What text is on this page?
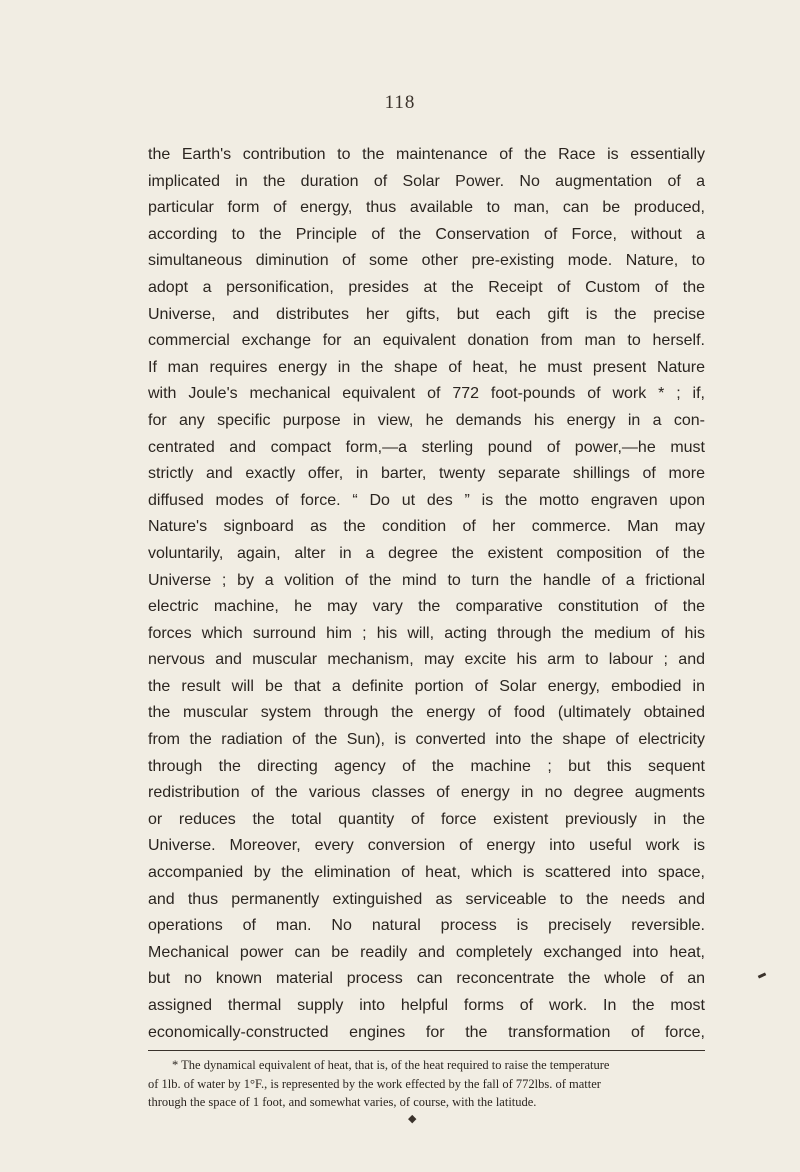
118
the Earth's contribution to the maintenance of the Race is essentially
implicated in the duration of Solar Power. No augmentation of a
particular form of energy, thus available to man, can be produced,
according to the Principle of the Conservation of Force, without a
simultaneous diminution of some other pre-existing mode. Nature, to
adopt a personification, presides at the Receipt of Custom of the
Universe, and distributes her gifts, but each gift is the precise
commercial exchange for an equivalent donation from man to herself.
If man requires energy in the shape of heat, he must present Nature
with Joule's mechanical equivalent of 772 foot-pounds of work * ; if,
for any specific purpose in view, he demands his energy in a con-
centrated and compact form,—a sterling pound of power,—he must
strictly and exactly offer, in barter, twenty separate shillings of more
diffused modes of force. “ Do ut des ” is the motto engraven upon
Nature's signboard as the condition of her commerce. Man may
voluntarily, again, alter in a degree the existent composition of the
Universe ; by a volition of the mind to turn the handle of a frictional
electric machine, he may vary the comparative constitution of the
forces which surround him ; his will, acting through the medium of his
nervous and muscular mechanism, may excite his arm to labour ; and
the result will be that a definite portion of Solar energy, embodied in
the muscular system through the energy of food (ultimately obtained
from the radiation of the Sun), is converted into the shape of electricity
through the directing agency of the machine ; but this sequent
redistribution of the various classes of energy in no degree augments
or reduces the total quantity of force existent previously in the
Universe. Moreover, every conversion of energy into useful work is
accompanied by the elimination of heat, which is scattered into space,
and thus permanently extinguished as serviceable to the needs and
operations of man. No natural process is precisely reversible.
Mechanical power can be readily and completely exchanged into heat,
but no known material process can reconcentrate the whole of an
assigned thermal supply into helpful forms of work. In the most
economically-constructed engines for the transformation of force,
* The dynamical equivalent of heat, that is, of the heat required to raise the temperature
of 1lb. of water by 1°F., is represented by the work effected by the fall of 772lbs. of matter
through the space of 1 foot, and somewhat varies, of course, with the latitude.
◆
